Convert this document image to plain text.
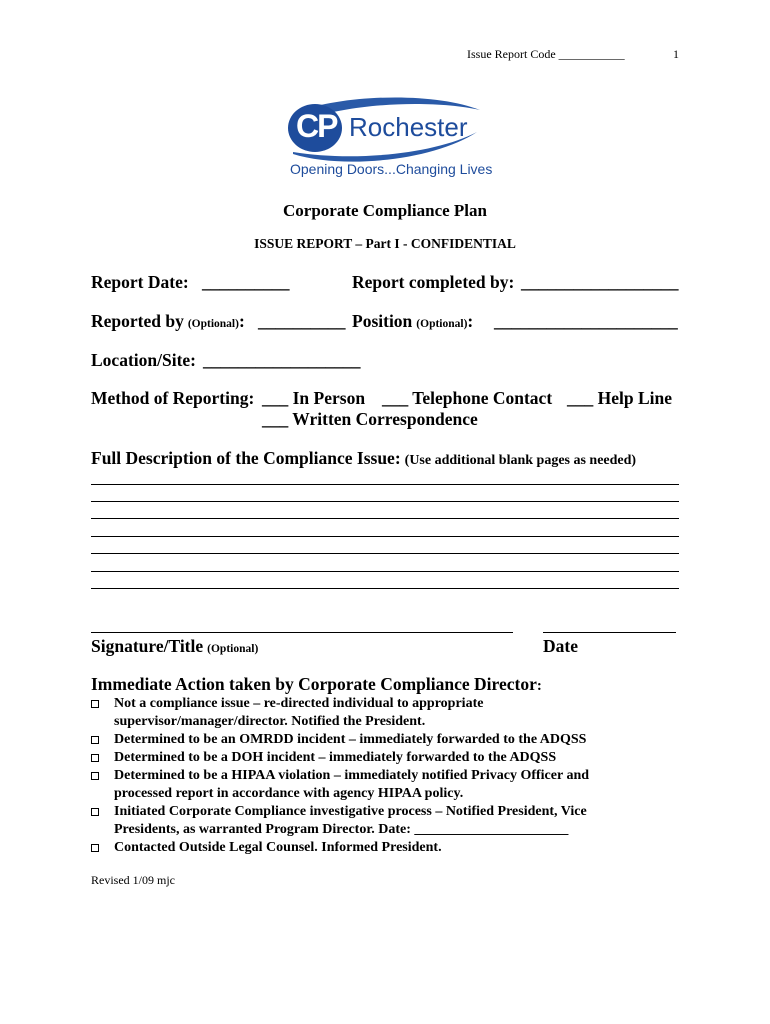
Issue Report Code ___________	1
CP Rochester
Opening Doors...Changing Lives
Corporate Compliance Plan
ISSUE REPORT – Part I - CONFIDENTIAL
Report Date: __________	Report completed by: __________________
Reported by (Optional): __________ Position (Optional): _____________________
Location/Site: __________________
Method of Reporting: ___ In Person ___ Telephone Contact ___ Help Line
___ Written Correspondence
Full Description of the Compliance Issue: (Use additional blank pages as needed)
Signature/Title (Optional)	Date
Immediate Action taken by Corporate Compliance Director:
Not a compliance issue – re-directed individual to appropriate
supervisor/manager/director. Notified the President.
Determined to be an OMRDD incident – immediately forwarded to the ADQSS
Determined to be a DOH incident – immediately forwarded to the ADQSS
Determined to be a HIPAA violation – immediately notified Privacy Officer and
processed report in accordance with agency HIPAA policy.
Initiated Corporate Compliance investigative process – Notified President, Vice
Presidents, as warranted Program Director. Date: ______________________
Contacted Outside Legal Counsel. Informed President.
Revised 1/09 mjc
